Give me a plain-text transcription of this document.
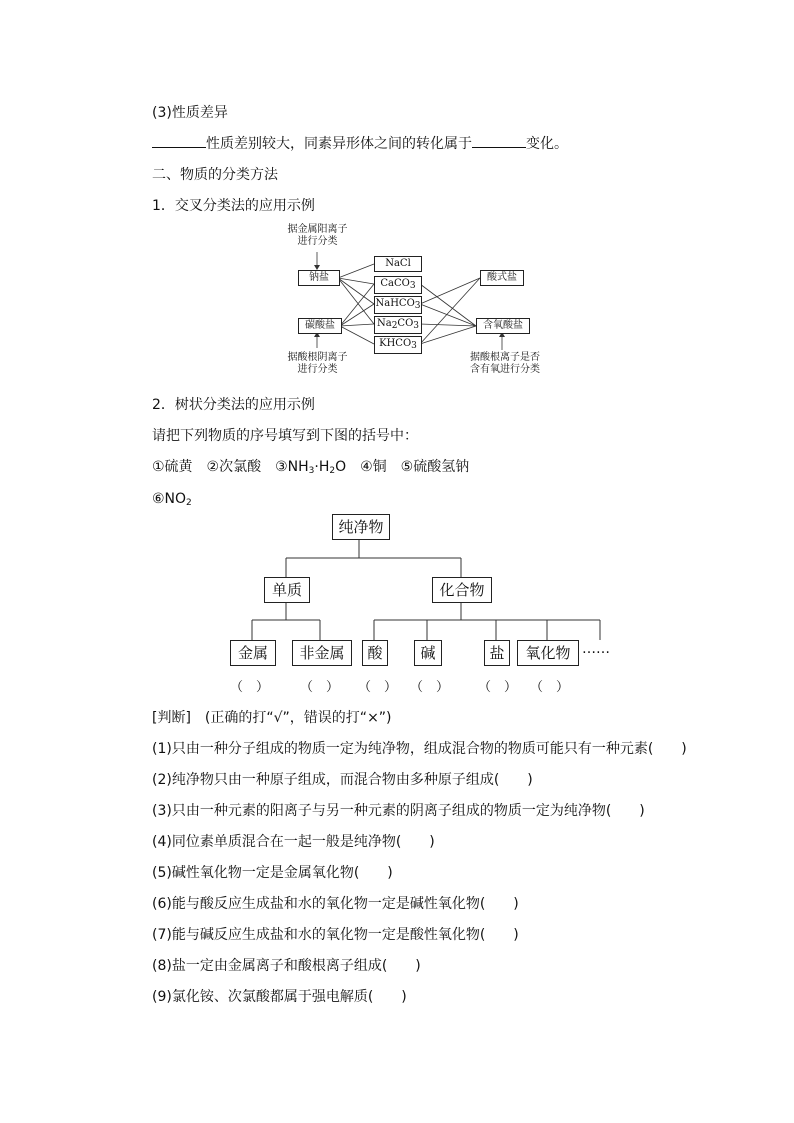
(3)性质差异
性质差别较大，同素异形体之间的转化属于	变化。
二、物质的分类方法
1．交叉分类法的应用示例
据金属阳离子
进行分类
钠盐
碳酸盐
NaCl
CaCO3
NaHCO3
Na2CO3
KHCO3
酸式盐
含氧酸盐
据酸根阴离子
进行分类
据酸根离子是否
含有氧进行分类
2．树状分类法的应用示例
请把下列物质的序号填写到下图的括号中：
①硫黄　②次氯酸　$③NH_3\cdot H_2O$　④铜　⑤硫酸氢钠
$⑥NO_2$
纯净物
单质	化合物
金属	非金属	酸	碱	盐	氧化物 ……
（　） （　） （　） （　） （　） （　）
[判断]　(正确的打“√”，错误的打“×”)
(1)只由一种分子组成的物质一定为纯净物，组成混合物的物质可能只有一种元素(　　)
(2)纯净物只由一种原子组成，而混合物由多种原子组成(　　)
(3)只由一种元素的阳离子与另一种元素的阴离子组成的物质一定为纯净物(　　)
(4)同位素单质混合在一起一般是纯净物(　　)
(5)碱性氧化物一定是金属氧化物(　　)
(6)能与酸反应生成盐和水的氧化物一定是碱性氧化物(　　)
(7)能与碱反应生成盐和水的氧化物一定是酸性氧化物(　　)
(8)盐一定由金属离子和酸根离子组成(　　)
(9)氯化铵、次氯酸都属于强电解质(　　)
